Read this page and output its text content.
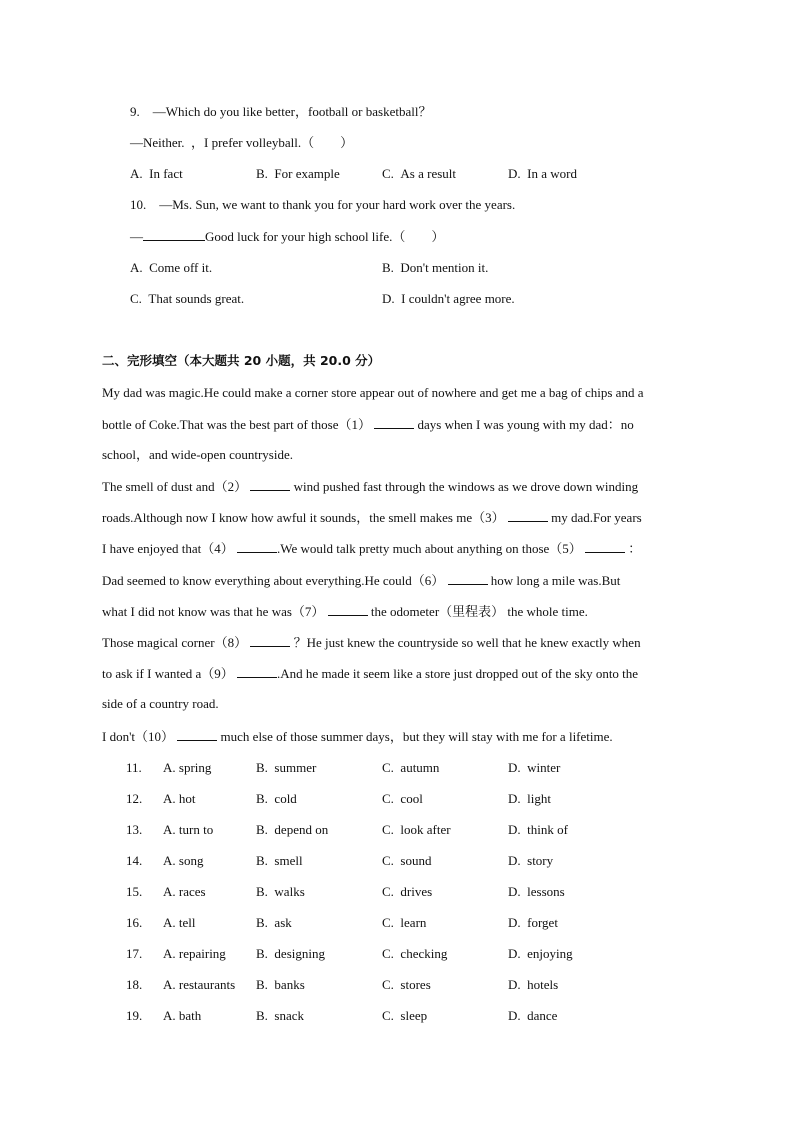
9.　—Which do you like better，football or basketball？
—Neither.  ，I prefer volleyball.（　　）
A.  In fact	B.  For example	C.  As a result	D.  In a word
10.　—Ms. Sun, we want to thank you for your hard work over the years.
—	Good luck for your high school life.（　　）
A.  Come off it.	B.  Don't mention it.
C.  That sounds great.	D.  I couldn't agree more.
二、完形填空（本大题共 20 小题，共 20.0 分）
My dad was magic.He could make a corner store appear out of nowhere and get me a bag of chips and a
bottle of Coke.That was the best part of those（1）	days when I was young with my dad：no
school，and wide-open countryside.
The smell of dust and（2）	wind pushed fast through the windows as we drove down winding
roads.Although now I know how awful it sounds，the smell makes me（3）	my dad.For years
I have enjoyed that（4）	.We would talk pretty much about anything on those（5）	：
Dad seemed to know everything about everything.He could（6）	how long a mile was.But
what I did not know was that he was（7）	the odometer（里程表） the whole time.
Those magical corner（8）	？He just knew the countryside so well that he knew exactly when
to ask if I wanted a（9）	.And he made it seem like a store just dropped out of the sky onto the
side of a country road.
I don't（10）	much else of those summer days，but they will stay with me for a lifetime.
11. A. spring	B.  summer	C.  autumn	D.  winter
12. A. hot	B.  cold	C.  cool	D.  light
13. A. turn to	B.  depend on	C.  look after	D.  think of
14. A. song	B.  smell	C.  sound	D.  story
15. A. races	B.  walks	C.  drives	D.  lessons
16. A. tell	B.  ask	C.  learn	D.  forget
17. A. repairing B.  designing	C.  checking	D.  enjoying
18. A. restaurants B.  banks	C.  stores	D.  hotels
19. A. bath	B.  snack	C.  sleep	D.  dance
